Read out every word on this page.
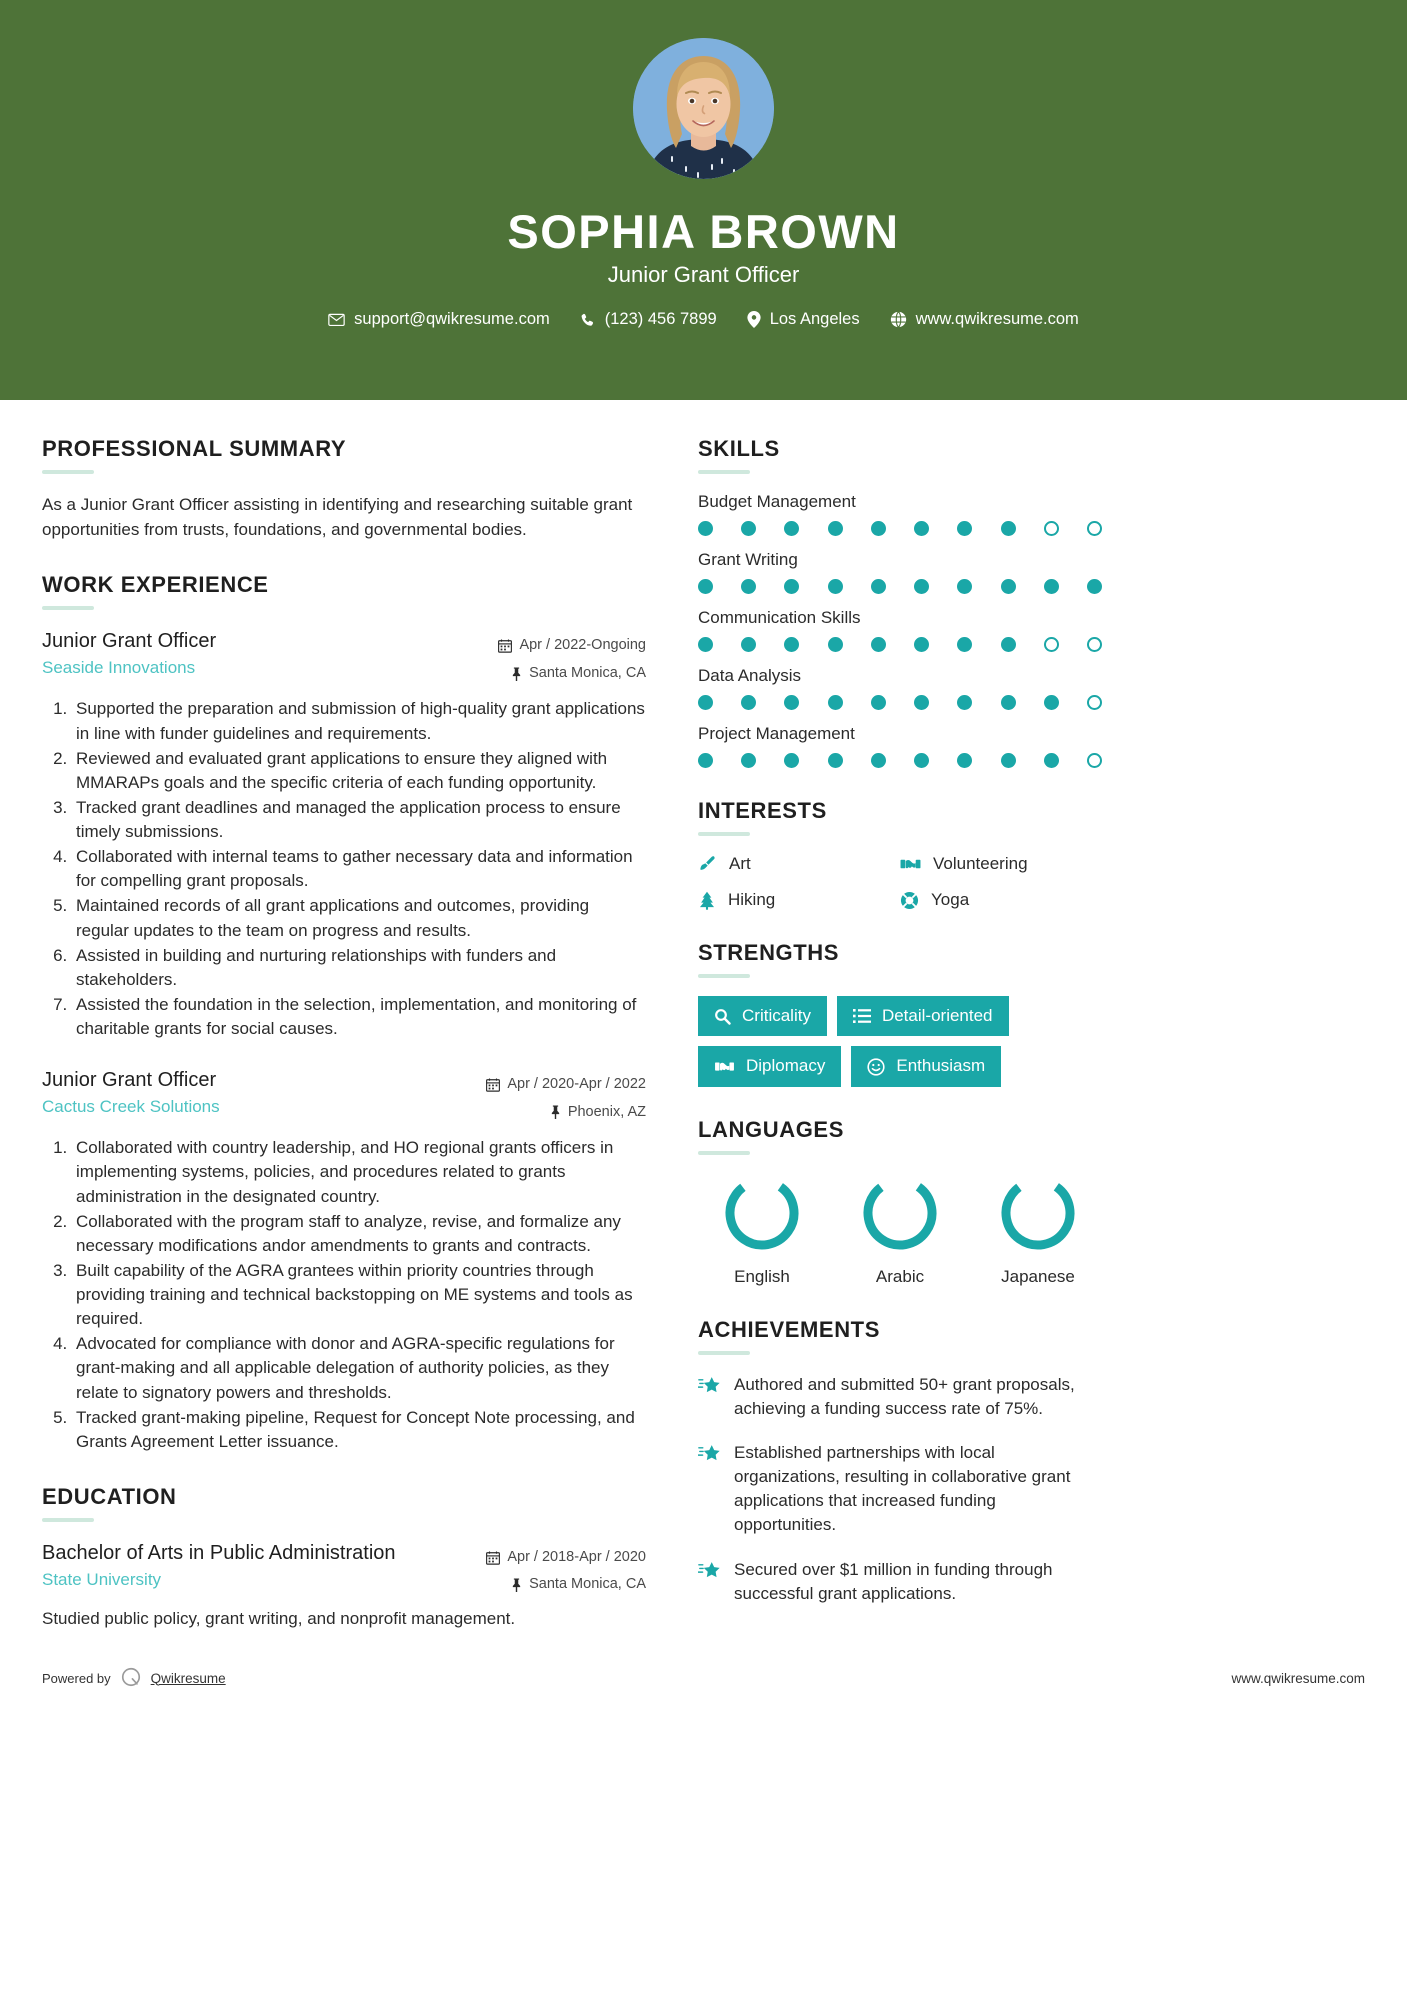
SOPHIA BROWN
Junior Grant Officer
support@qwikresume.com	(123) 456 7899	Los Angeles	www.qwikresume.com
PROFESSIONAL SUMMARY
As a Junior Grant Officer assisting in identifying and researching suitable grant opportunities from trusts, foundations, and governmental bodies.
WORK EXPERIENCE
Junior Grant Officer
Seaside Innovations
Apr / 2022-Ongoing
Santa Monica, CA
1. Supported the preparation and submission of high-quality grant applications in line with funder guidelines and requirements.
2. Reviewed and evaluated grant applications to ensure they aligned with MMARAPs goals and the specific criteria of each funding opportunity.
3. Tracked grant deadlines and managed the application process to ensure timely submissions.
4. Collaborated with internal teams to gather necessary data and information for compelling grant proposals.
5. Maintained records of all grant applications and outcomes, providing regular updates to the team on progress and results.
6. Assisted in building and nurturing relationships with funders and stakeholders.
7. Assisted the foundation in the selection, implementation, and monitoring of charitable grants for social causes.
Junior Grant Officer
Cactus Creek Solutions
Apr / 2020-Apr / 2022
Phoenix, AZ
1. Collaborated with country leadership, and HO regional grants officers in implementing systems, policies, and procedures related to grants administration in the designated country.
2. Collaborated with the program staff to analyze, revise, and formalize any necessary modifications andor amendments to grants and contracts.
3. Built capability of the AGRA grantees within priority countries through providing training and technical backstopping on ME systems and tools as required.
4. Advocated for compliance with donor and AGRA-specific regulations for grant-making and all applicable delegation of authority policies, as they relate to signatory powers and thresholds.
5. Tracked grant-making pipeline, Request for Concept Note processing, and Grants Agreement Letter issuance.
EDUCATION
Bachelor of Arts in Public Administration
State University
Apr / 2018-Apr / 2020
Santa Monica, CA
Studied public policy, grant writing, and nonprofit management.
SKILLS
Budget Management
Grant Writing
Communication Skills
Data Analysis
Project Management
INTERESTS
Art	Volunteering
Hiking	Yoga
STRENGTHS
Criticality	Detail-oriented
Diplomacy	Enthusiasm
LANGUAGES
English	Arabic	Japanese
ACHIEVEMENTS
Authored and submitted 50+ grant proposals, achieving a funding success rate of 75%.
Established partnerships with local organizations, resulting in collaborative grant applications that increased funding opportunities.
Secured over $1 million in funding through successful grant applications.
Powered by	Qwikresume	www.qwikresume.com
